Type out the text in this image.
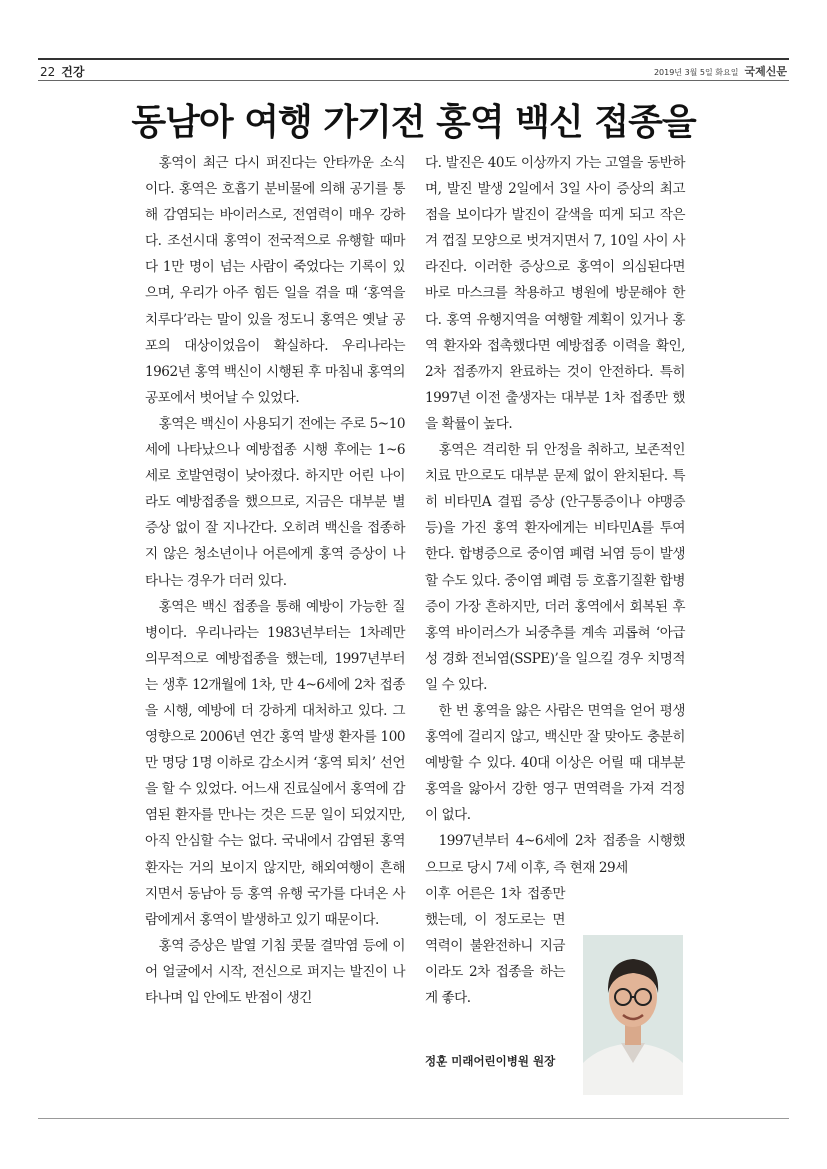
22 건강	2019년 3월 5일 화요일 국제신문
동남아 여행 가기전 홍역 백신 접종을

홍역이 최근 다시 퍼진다는 안타까운 소식이다. 홍역은 호흡기 분비물에 의해 공기를 통해 감염되는 바이러스로, 전염력이 매우 강하다. 조선시대 홍역이 전국적으로 유행할 때마다 1만 명이 넘는 사람이 죽었다는 기록이 있으며, 우리가 아주 힘든 일을 겪을 때 ‘홍역을 치루다’라는 말이 있을 정도니 홍역은 옛날 공포의 대상이었음이 확실하다. 우리나라는 1962년 홍역 백신이 시행된 후 마침내 홍역의 공포에서 벗어날 수 있었다.

홍역은 백신이 사용되기 전에는 주로 5~10세에 나타났으나 예방접종 시행 후에는 1~6세로 호발연령이 낮아졌다. 하지만 어린 나이라도 예방접종을 했으므로, 지금은 대부분 별 증상 없이 잘 지나간다. 오히려 백신을 접종하지 않은 청소년이나 어른에게 홍역 증상이 나타나는 경우가 더러 있다.

홍역은 백신 접종을 통해 예방이 가능한 질병이다. 우리나라는 1983년부터는 1차례만 의무적으로 예방접종을 했는데, 1997년부터는 생후 12개월에 1차, 만 4~6세에 2차 접종을 시행, 예방에 더 강하게 대처하고 있다. 그 영향으로 2006년 연간 홍역 발생 환자를 100만 명당 1명 이하로 감소시켜 ‘홍역 퇴치’ 선언을 할 수 있었다. 어느새 진료실에서 홍역에 감염된 환자를 만나는 것은 드문 일이 되었지만, 아직 안심할 수는 없다. 국내에서 감염된 홍역환자는 거의 보이지 않지만, 해외여행이 흔해지면서 동남아 등 홍역 유행 국가를 다녀온 사람에게서 홍역이 발생하고 있기 때문이다.

홍역 증상은 발열 기침 콧물 결막염 등에 이어 얼굴에서 시작, 전신으로 퍼지는 발진이 나타나며 입 안에도 반점이 생긴

다. 발진은 40도 이상까지 가는 고열을 동반하며, 발진 발생 2일에서 3일 사이 증상의 최고점을 보이다가 발진이 갈색을 띠게 되고 작은 겨 껍질 모양으로 벗겨지면서 7, 10일 사이 사라진다. 이러한 증상으로 홍역이 의심된다면 바로 마스크를 착용하고 병원에 방문해야 한다. 홍역 유행지역을 여행할 계획이 있거나 홍역 환자와 접촉했다면 예방접종 이력을 확인, 2차 접종까지 완료하는 것이 안전하다. 특히 1997년 이전 출생자는 대부분 1차 접종만 했을 확률이 높다.

홍역은 격리한 뒤 안정을 취하고, 보존적인 치료 만으로도 대부분 문제 없이 완치된다. 특히 비타민A 결핍 증상 (안구통증이나 야맹증 등)을 가진 홍역 환자에게는 비타민A를 투여한다. 합병증으로 중이염 폐렴 뇌염 등이 발생할 수도 있다. 중이염 폐렴 등 호흡기질환 합병증이 가장 흔하지만, 더러 홍역에서 회복된 후 홍역 바이러스가 뇌중추를 계속 괴롭혀 ‘아급성 경화 전뇌염(SSPE)’을 일으킬 경우 치명적일 수 있다.

한 번 홍역을 앓은 사람은 면역을 얻어 평생 홍역에 걸리지 않고, 백신만 잘 맞아도 충분히 예방할 수 있다. 40대 이상은 어릴 때 대부분 홍역을 앓아서 강한 영구 면역력을 가져 걱정이 없다.

1997년부터 4~6세에 2차 접종을 시행했으므로 당시 7세 이후, 즉 현재 29세

이후 어른은 1차 접종만 했는데, 이 정도로는 면역력이 불완전하니 지금이라도 2차 접종을 하는 게 좋다.

정훈 미래어린이병원 원장
